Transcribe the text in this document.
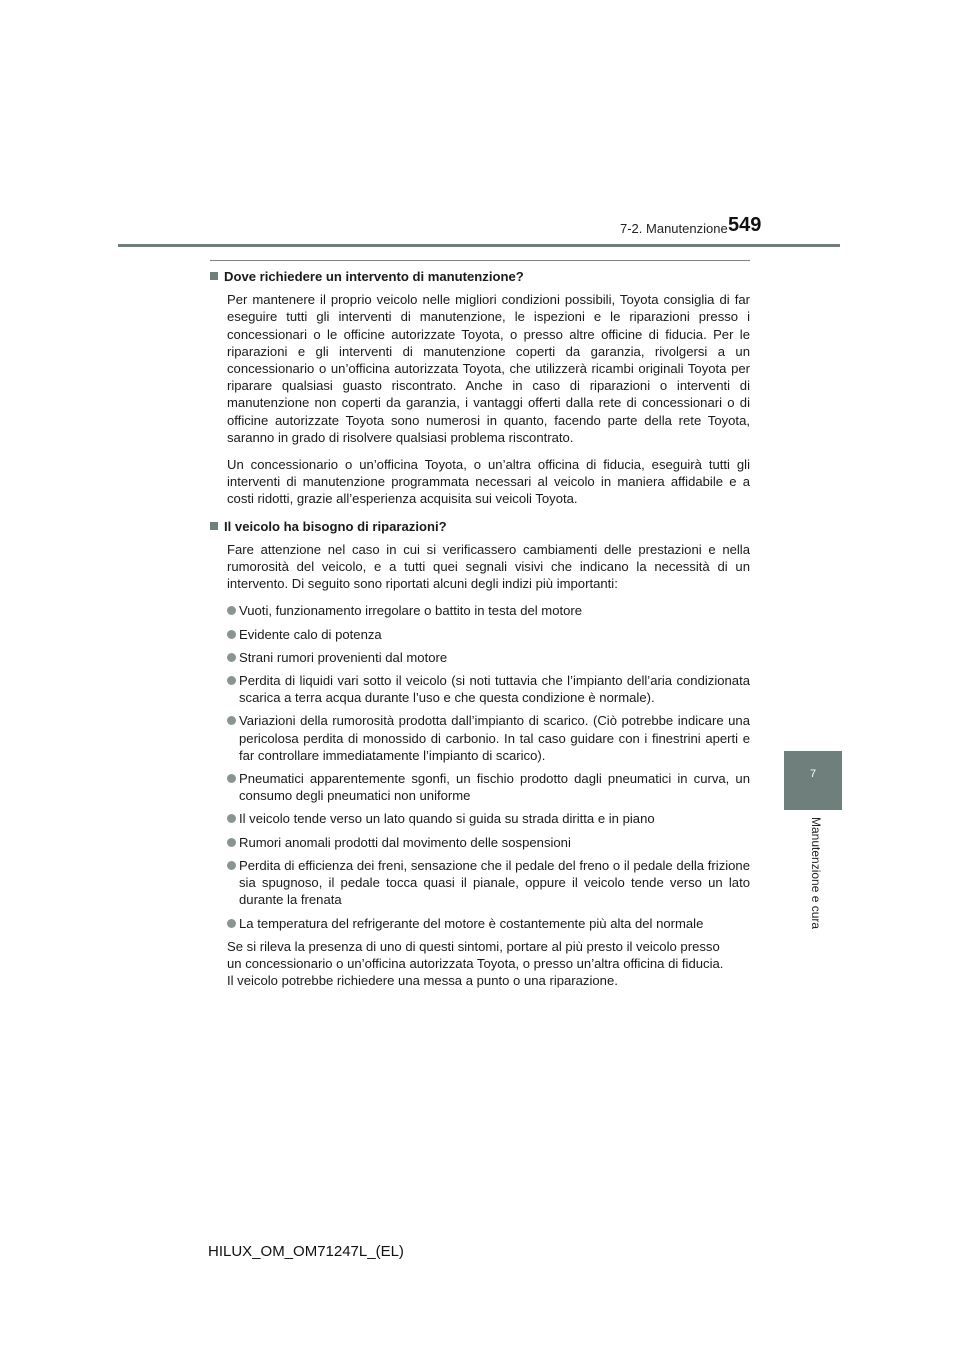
7-2. Manutenzione 549
7
Manutenzione e cura
Dove richiedere un intervento di manutenzione?

Per mantenere il proprio veicolo nelle migliori condizioni possibili, Toyota consiglia di far eseguire tutti gli interventi di manutenzione, le ispezioni e le riparazioni presso i concessionari o le officine autorizzate Toyota, o presso altre officine di fiducia. Per le riparazioni e gli interventi di manutenzione coperti da garanzia, rivolgersi a un concessionario o un’officina autorizzata Toyota, che utilizzerà ricambi originali Toyota per riparare qualsiasi guasto riscontrato. Anche in caso di riparazioni o interventi di manutenzione non coperti da garanzia, i vantaggi offerti dalla rete di concessionari o di officine autorizzate Toyota sono numerosi in quanto, facendo parte della rete Toyota, saranno in grado di risolvere qualsiasi problema riscontrato.

Un concessionario o un’officina Toyota, o un’altra officina di fiducia, eseguirà tutti gli interventi di manutenzione programmata necessari al veicolo in maniera affidabile e a costi ridotti, grazie all’esperienza acquisita sui veicoli Toyota.

Il veicolo ha bisogno di riparazioni?

Fare attenzione nel caso in cui si verificassero cambiamenti delle prestazioni e nella rumorosità del veicolo, e a tutti quei segnali visivi che indicano la necessità di un intervento. Di seguito sono riportati alcuni degli indizi più importanti:

Vuoti, funzionamento irregolare o battito in testa del motore
Evidente calo di potenza
Strani rumori provenienti dal motore
Perdita di liquidi vari sotto il veicolo (si noti tuttavia che l’impianto dell’aria condizionata scarica a terra acqua durante l’uso e che questa condizione è normale).
Variazioni della rumorosità prodotta dall’impianto di scarico. (Ciò potrebbe indicare una pericolosa perdita di monossido di carbonio. In tal caso guidare con i finestrini aperti e far controllare immediatamente l’impianto di scarico).
Pneumatici apparentemente sgonfi, un fischio prodotto dagli pneumatici in curva, un consumo degli pneumatici non uniforme
Il veicolo tende verso un lato quando si guida su strada diritta e in piano
Rumori anomali prodotti dal movimento delle sospensioni
Perdita di efficienza dei freni, sensazione che il pedale del freno o il pedale della frizione sia spugnoso, il pedale tocca quasi il pianale, oppure il veicolo tende verso un lato durante la frenata
La temperatura del refrigerante del motore è costantemente più alta del normale

Se si rileva la presenza di uno di questi sintomi, portare al più presto il veicolo presso
un concessionario o un’officina autorizzata Toyota, o presso un’altra officina di fiducia.
Il veicolo potrebbe richiedere una messa a punto o una riparazione.

HILUX_OM_OM71247L_(EL)
